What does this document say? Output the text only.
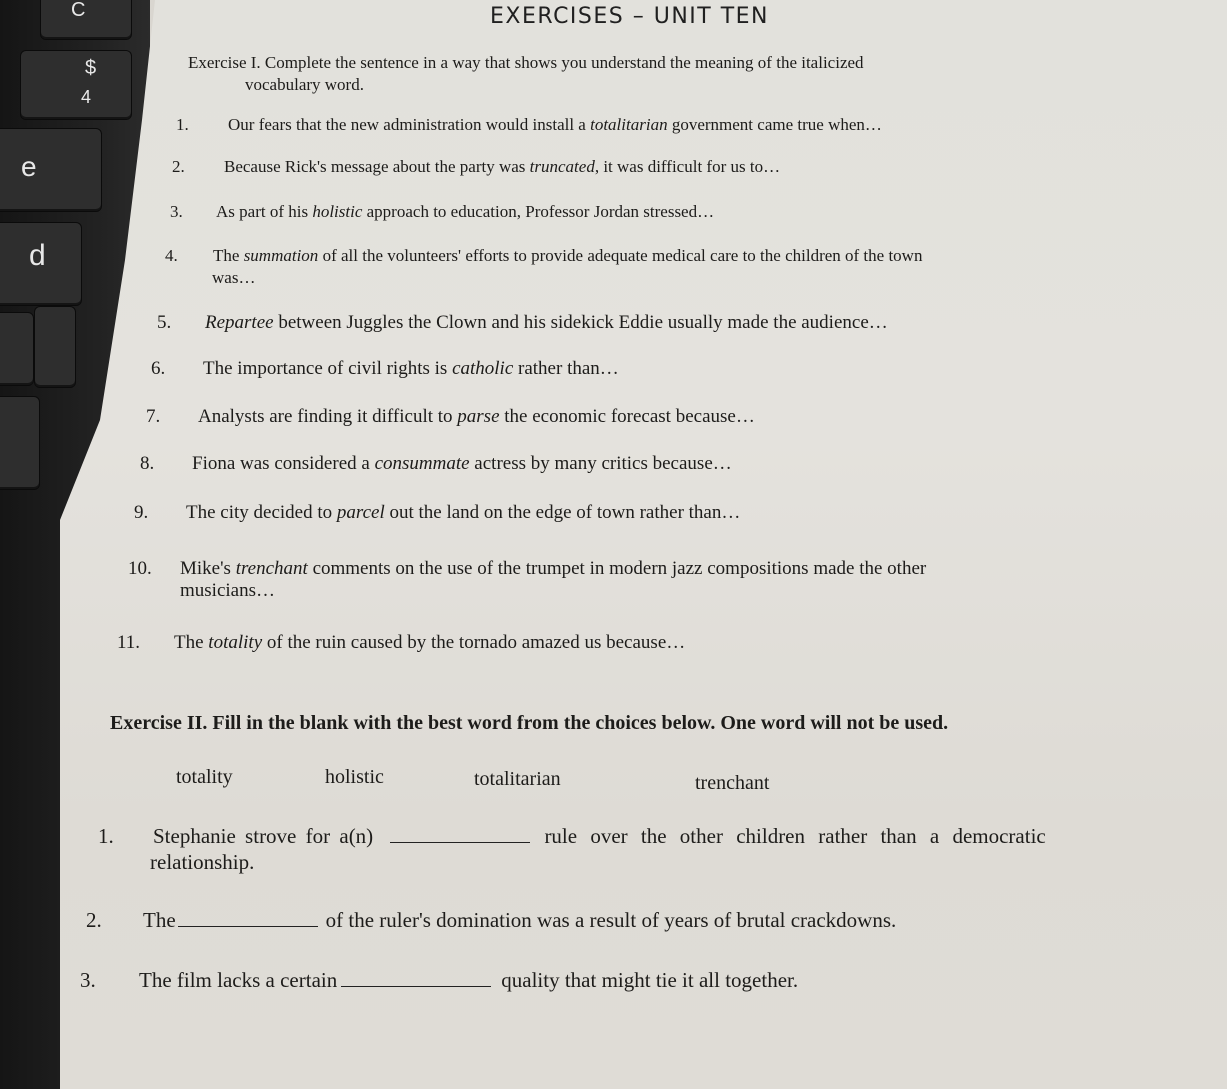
C
$
4
e
d
EXERCISES – UNIT TEN
Exercise I. Complete the sentence in a way that shows you understand the meaning of the italicized
vocabulary word.
1. Our fears that the new administration would install a totalitarian government came true when…
2. Because Rick's message about the party was truncated, it was difficult for us to…
3. As part of his holistic approach to education, Professor Jordan stressed…
4. The summation of all the volunteers' efforts to provide adequate medical care to the children of the town
was…
5. Repartee between Juggles the Clown and his sidekick Eddie usually made the audience…
6. The importance of civil rights is catholic rather than…
7. Analysts are finding it difficult to parse the economic forecast because…
8. Fiona was considered a consummate actress by many critics because…
9. The city decided to parcel out the land on the edge of town rather than…
10. Mike's trenchant comments on the use of the trumpet in modern jazz compositions made the other
musicians…
11. The totality of the ruin caused by the tornado amazed us because…
Exercise II. Fill in the blank with the best word from the choices below. One word will not be used.
totality	holistic	totalitarian	trenchant
1. Stephanie strove for a(n)	rule over the other children rather than a democratic
relationship.
2. The	of the ruler's domination was a result of years of brutal crackdowns.
3. The film lacks a certain	quality that might tie it all together.
